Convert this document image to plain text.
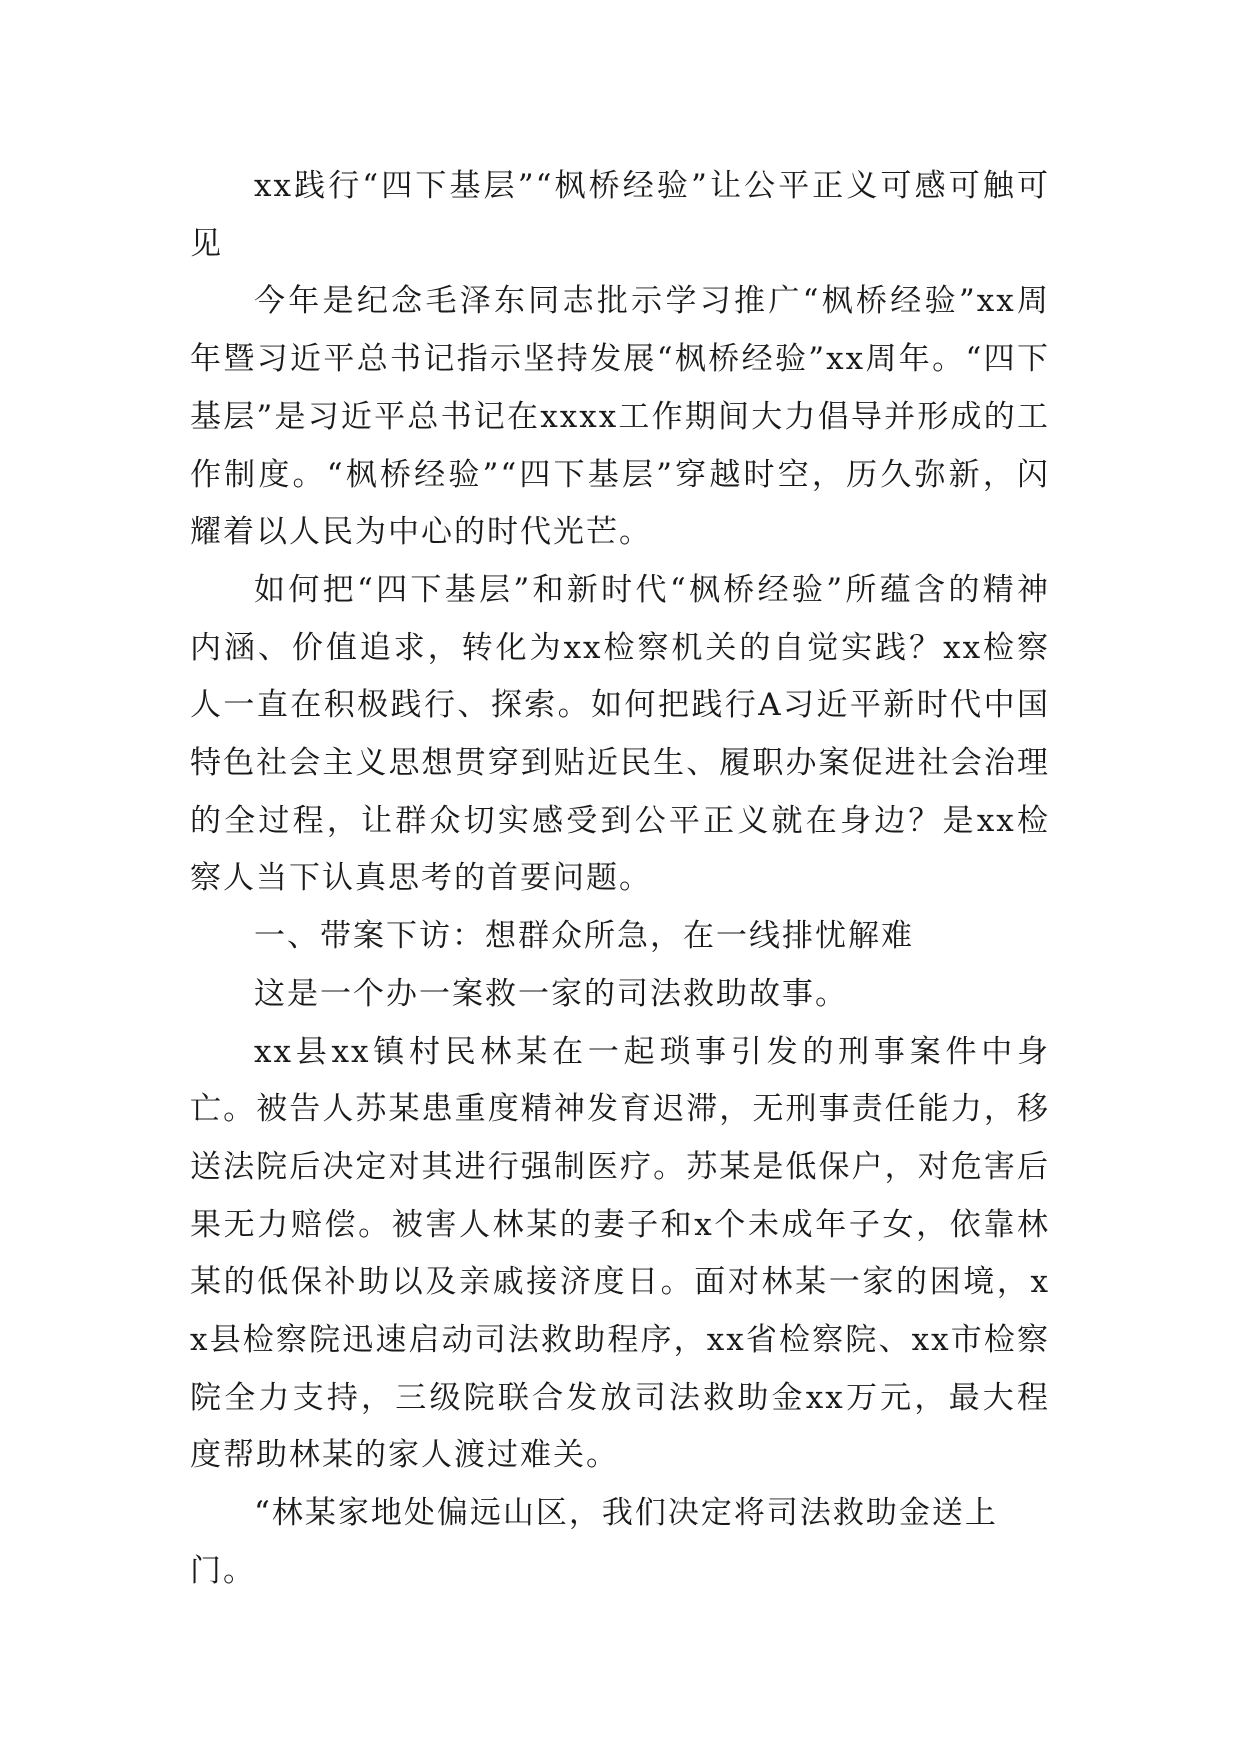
xx践行“四下基层”“枫桥经验”让公平正义可感可触可见

今年是纪念毛泽东同志批示学习推广“枫桥经验”xx周年暨习近平总书记指示坚持发展“枫桥经验”xx周年。“四下基层”是习近平总书记在xxxx工作期间大力倡导并形成的工作制度。“枫桥经验”“四下基层”穿越时空，历久弥新，闪耀着以人民为中心的时代光芒。

如何把“四下基层”和新时代“枫桥经验”所蕴含的精神内涵、价值追求，转化为xx检察机关的自觉实践？xx检察人一直在积极践行、探索。如何把践行A习近平新时代中国特色社会主义思想贯穿到贴近民生、履职办案促进社会治理的全过程，让群众切实感受到公平正义就在身边？是xx检察人当下认真思考的首要问题。

一、带案下访：想群众所急，在一线排忧解难

这是一个办一案救一家的司法救助故事。

xx县xx镇村民林某在一起琐事引发的刑事案件中身亡。被告人苏某患重度精神发育迟滞，无刑事责任能力，移送法院后决定对其进行强制医疗。苏某是低保户，对危害后果无力赔偿。被害人林某的妻子和x个未成年子女，依靠林某的低保补助以及亲戚接济度日。面对林某一家的困境，xx县检察院迅速启动司法救助程序，xx省检察院、xx市检察院全力支持，三级院联合发放司法救助金xx万元，最大程度帮助林某的家人渡过难关。

“林某家地处偏远山区，我们决定将司法救助金送上门。
